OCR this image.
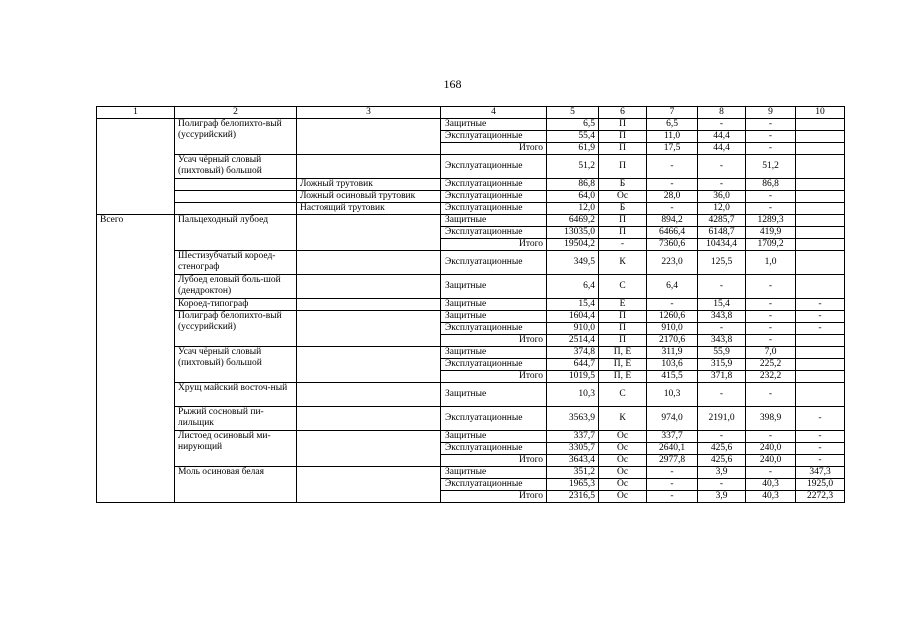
168
1	2	3	4	5	6	7	8	9	10
	Полиграф белопихто-вый (уссурийский)		Защитные	6,5	П	6,5	-	-	
			Эксплуатационные	55,4	П	11,0	44,4	-	
			Итого	61,9	П	17,5	44,4	-	
	Усач чёрный словый (пихтовый) большой		Эксплуатационные	51,2	П	-	-	51,2	
		Ложный трутовик	Эксплуатационные	86,8	Б	-	-	86,8	
		Ложный осиновый трутовик	Эксплуатационные	64,0	Ос	28,0	36,0	-	
		Настоящий трутовик	Эксплуатационные	12,0	Б	-	12,0	-	
Всего	Пальцеходный лубоед		Защитные	6469,2	П	894,2	4285,7	1289,3	
			Эксплуатационные	13035,0	П	6466,4	6148,7	419,9	
			Итого	19504,2	-	7360,6	10434,4	1709,2	
	Шестизубчатый короед-стенограф		Эксплуатационные	349,5	К	223,0	125,5	1,0	
	Лубоед еловый боль-шой (дендроктон)		Защитные	6,4	С	6,4	-	-	
	Короед-типограф		Защитные	15,4	Е	-	15,4	-	-
	Полиграф белопихто-вый (уссурийский)		Защитные	1604,4	П	1260,6	343,8	-	-
			Эксплуатационные	910,0	П	910,0	-	-	-
			Итого	2514,4	П	2170,6	343,8	-	
	Усач чёрный словый (пихтовый) большой		Защитные	374,8	П, Е	311,9	55,9	7,0	
			Эксплуатационные	644,7	П, Е	103,6	315,9	225,2	
			Итого	1019,5	П, Е	415,5	371,8	232,2	
	Хрущ майский восточ-ный		Защитные	10,3	С	10,3	-	-	
	Рыжий сосновый пи-лильщик		Эксплуатационные	3563,9	К	974,0	2191,0	398,9	-
	Листоед осиновый ми-нирующий		Защитные	337,7	Ос	337,7	-	-	-
			Эксплуатационные	3305,7	Ос	2640,1	425,6	240,0	-
			Итого	3643,4	Ос	2977,8	425,6	240,0	-
	Моль осиновая белая		Защитные	351,2	Ос	-	3,9	-	347,3
			Эксплуатационные	1965,3	Ос	-	-	40,3	1925,0
			Итого	2316,5	Ос	-	3,9	40,3	2272,3
